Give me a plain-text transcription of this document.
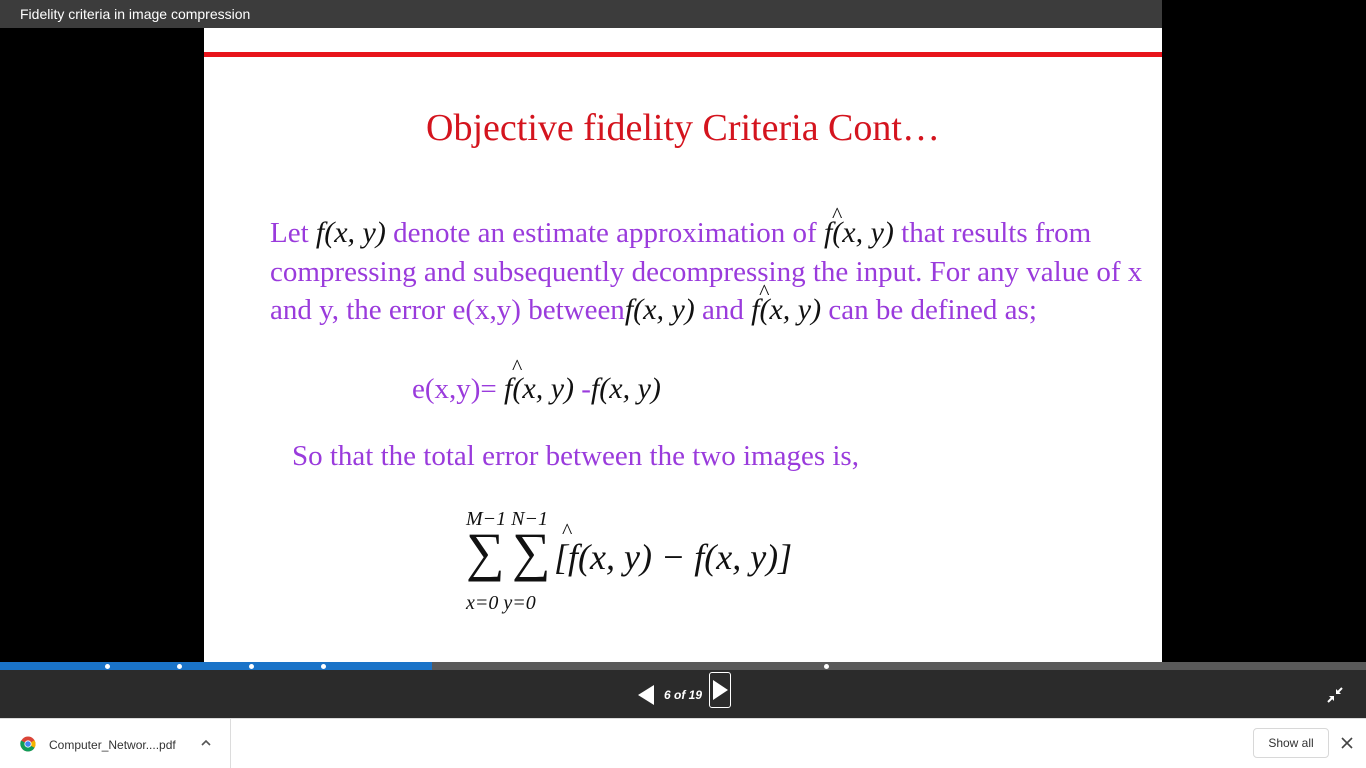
Fidelity criteria in image compression
Objective fidelity Criteria Cont…
Let f(x, y) denote an estimate approximation of ^ f(x, y) that results from compressing and subsequently decompressing the input. For any value of x and y, the error e(x,y) betweenf(x, y) and ^ f(x, y) can be defined as;
e(x,y)= ^ f(x, y) -f(x, y)
So that the total error between the two images is,
M−1 N−1
∑ ∑
x=0 y=0
^ [f(x, y) − f(x, y)]
6 of 19
Computer_Networ....pdf	Show all
